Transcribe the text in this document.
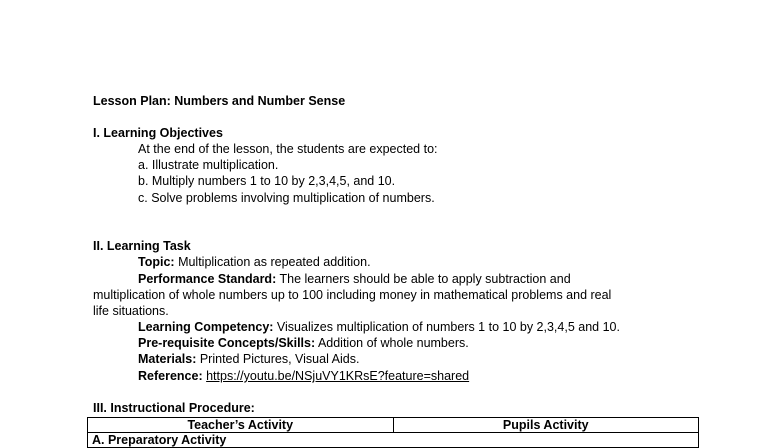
Lesson Plan: Numbers and Number Sense
I. Learning Objectives
At the end of the lesson, the students are expected to:
a. Illustrate multiplication.
b. Multiply numbers 1 to 10 by 2,3,4,5, and 10.
c. Solve problems involving multiplication of numbers.
II. Learning Task
Topic: Multiplication as repeated addition.
Performance Standard: The learners should be able to apply subtraction and
multiplication of whole numbers up to 100 including money in mathematical problems and real
life situations.
Learning Competency: Visualizes multiplication of numbers 1 to 10 by 2,3,4,5 and 10.
Pre-requisite Concepts/Skills: Addition of whole numbers.
Materials: Printed Pictures, Visual Aids.
Reference: https://youtu.be/NSjuVY1KRsE?feature=shared
III. Instructional Procedure:
Teacher’s Activity	Pupils Activity
A. Preparatory Activity
